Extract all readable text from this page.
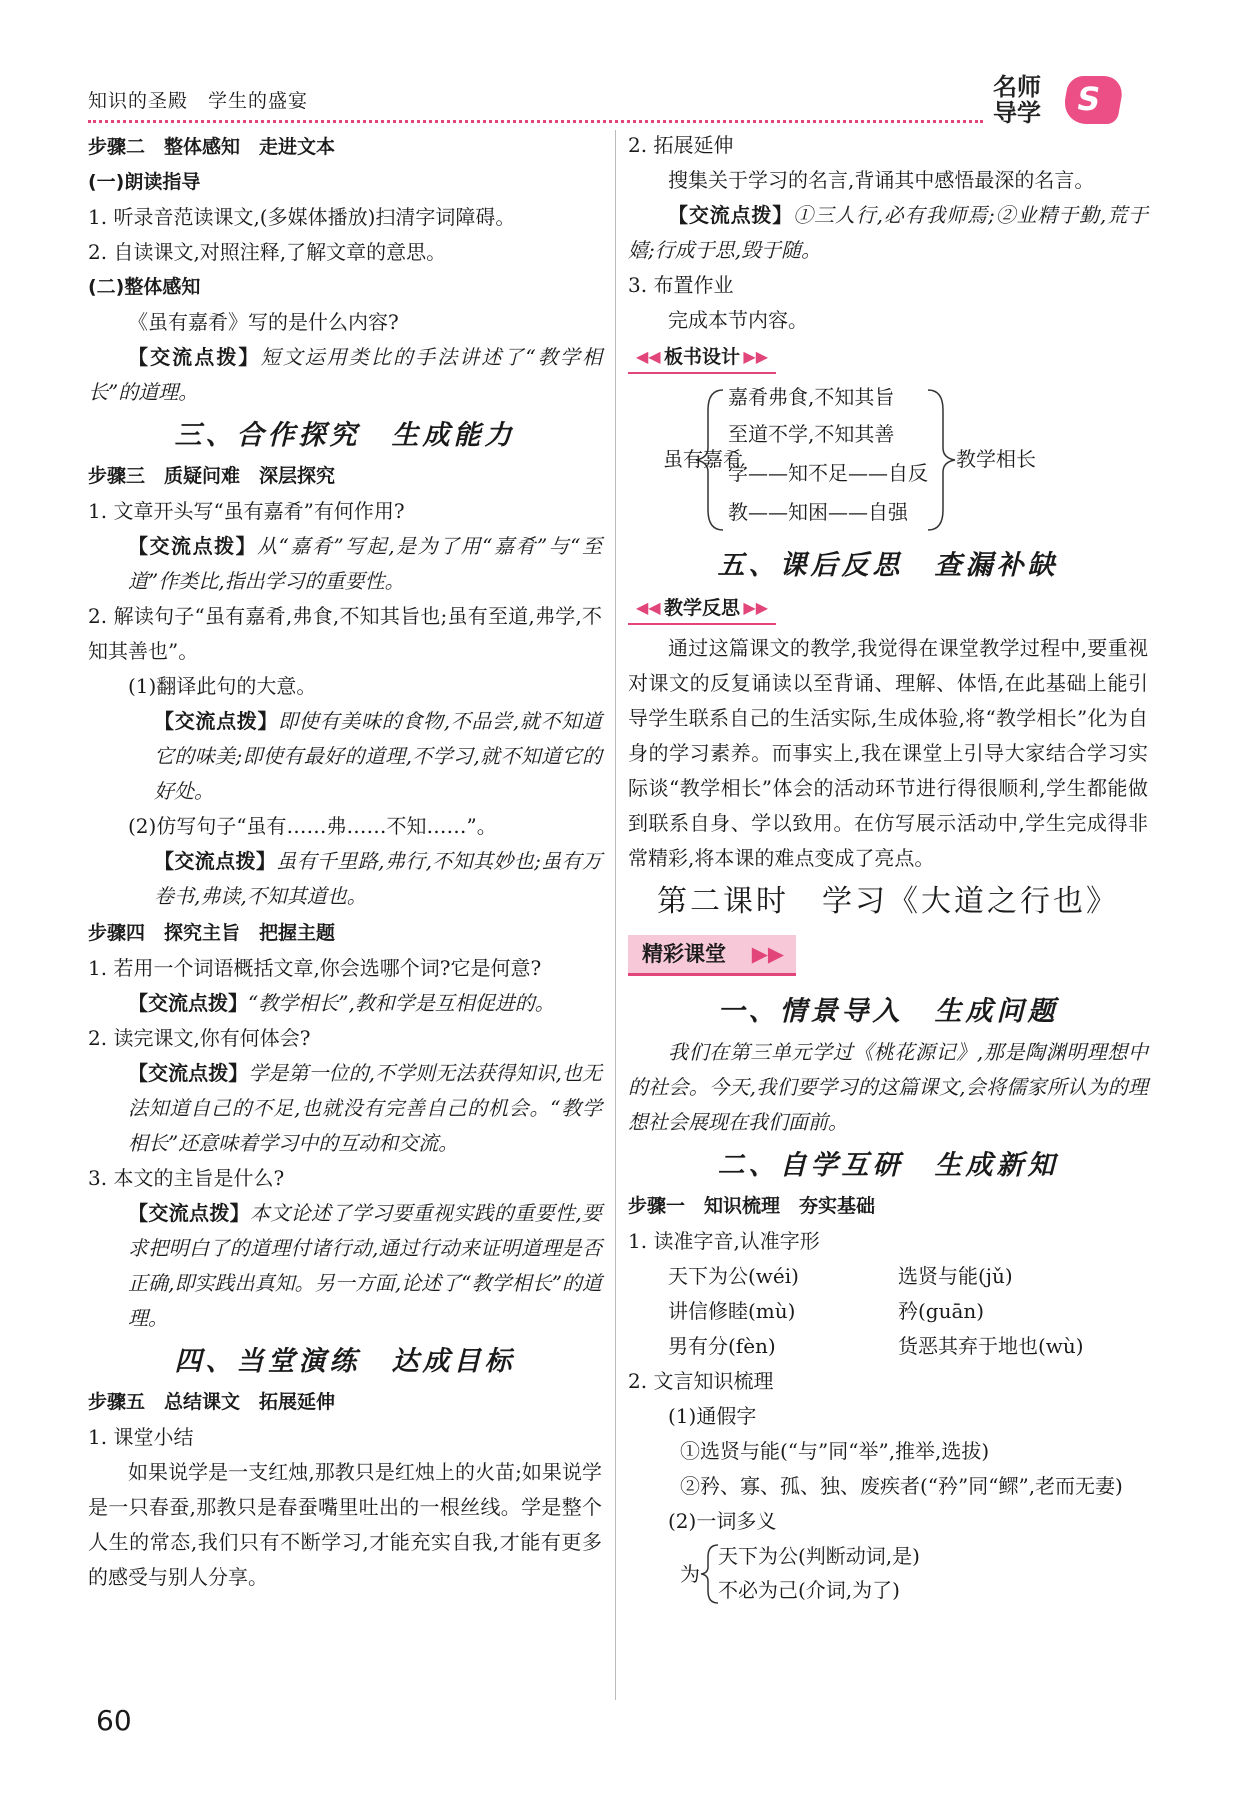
知识的圣殿　学生的盛宴	名师
导学 S
步骤二　整体感知　走进文本
(一)朗读指导

1. 听录音范读课文,(多媒体播放)扫清字词障碍。

2. 自读课文,对照注释,了解文章的意思。

(二)整体感知

《虽有嘉肴》写的是什么内容?

【交流点拨】短文运用类比的手法讲述了“教学相长”的道理。

三、合作探究　生成能力
步骤三　质疑问难　深层探究

1. 文章开头写“虽有嘉肴”有何作用?

【交流点拨】从“嘉肴”写起,是为了用“嘉肴”与“至道”作类比,指出学习的重要性。

2. 解读句子“虽有嘉肴,弗食,不知其旨也;虽有至道,弗学,不知其善也”。

(1)翻译此句的大意。

【交流点拨】即使有美味的食物,不品尝,就不知道它的味美;即使有最好的道理,不学习,就不知道它的好处。

(2)仿写句子“虽有……弗……不知……”。

【交流点拨】虽有千里路,弗行,不知其妙也;虽有万卷书,弗读,不知其道也。

步骤四　探究主旨　把握主题

1. 若用一个词语概括文章,你会选哪个词?它是何意?

【交流点拨】“教学相长”,教和学是互相促进的。

2. 读完课文,你有何体会?

【交流点拨】学是第一位的,不学则无法获得知识,也无法知道自己的不足,也就没有完善自己的机会。“教学相长”还意味着学习中的互动和交流。

3. 本文的主旨是什么?

【交流点拨】本文论述了学习要重视实践的重要性,要求把明白了的道理付诸行动,通过行动来证明道理是否正确,即实践出真知。另一方面,论述了“教学相长”的道理。

四、当堂演练　达成目标
步骤五　总结课文　拓展延伸

1. 课堂小结

如果说学是一支红烛,那教只是红烛上的火苗;如果说学是一只春蚕,那教只是春蚕嘴里吐出的一根丝线。学是整个人生的常态,我们只有不断学习,才能充实自我,才能有更多的感受与别人分享。

2. 拓展延伸

搜集关于学习的名言,背诵其中感悟最深的名言。

【交流点拨】①三人行,必有我师焉;②业精于勤,荒于嬉;行成于思,毁于随。

3. 布置作业

完成本节内容。

◀◀ 板书设计 ▶▶
虽有嘉肴
嘉肴弗食,不知其旨
至道不学,不知其善
学——知不足——自反
教——知困——自强
教学相长
五、课后反思　查漏补缺
◀◀ 教学反思 ▶▶

通过这篇课文的教学,我觉得在课堂教学过程中,要重视对课文的反复诵读以至背诵、理解、体悟,在此基础上能引导学生联系自己的生活实际,生成体验,将“教学相长”化为自身的学习素养。而事实上,我在课堂上引导大家结合学习实际谈“教学相长”体会的活动环节进行得很顺利,学生都能做到联系自身、学以致用。在仿写展示活动中,学生完成得非常精彩,将本课的难点变成了亮点。

第二课时　学习《大道之行也》
精彩课堂 ▶▶
一、情景导入　生成问题

我们在第三单元学过《桃花源记》,那是陶渊明理想中的社会。今天,我们要学习的这篇课文,会将儒家所认为的理想社会展现在我们面前。

二、自学互研　生成新知
步骤一　知识梳理　夯实基础

1. 读准字音,认准字形

天下为公(wéi)	选贤与能(jǔ)
讲信修睦(mù)	矜(guān)
男有分(fèn)	货恶其弃于地也(wù)

2. 文言知识梳理

(1)通假字

①选贤与能(“与”同“举”,推举,选拔)

②矜、寡、孤、独、废疾者(“矜”同“鳏”,老而无妻)

(2)一词多义

为
天下为公(判断动词,是)
不必为己(介词,为了)
60
